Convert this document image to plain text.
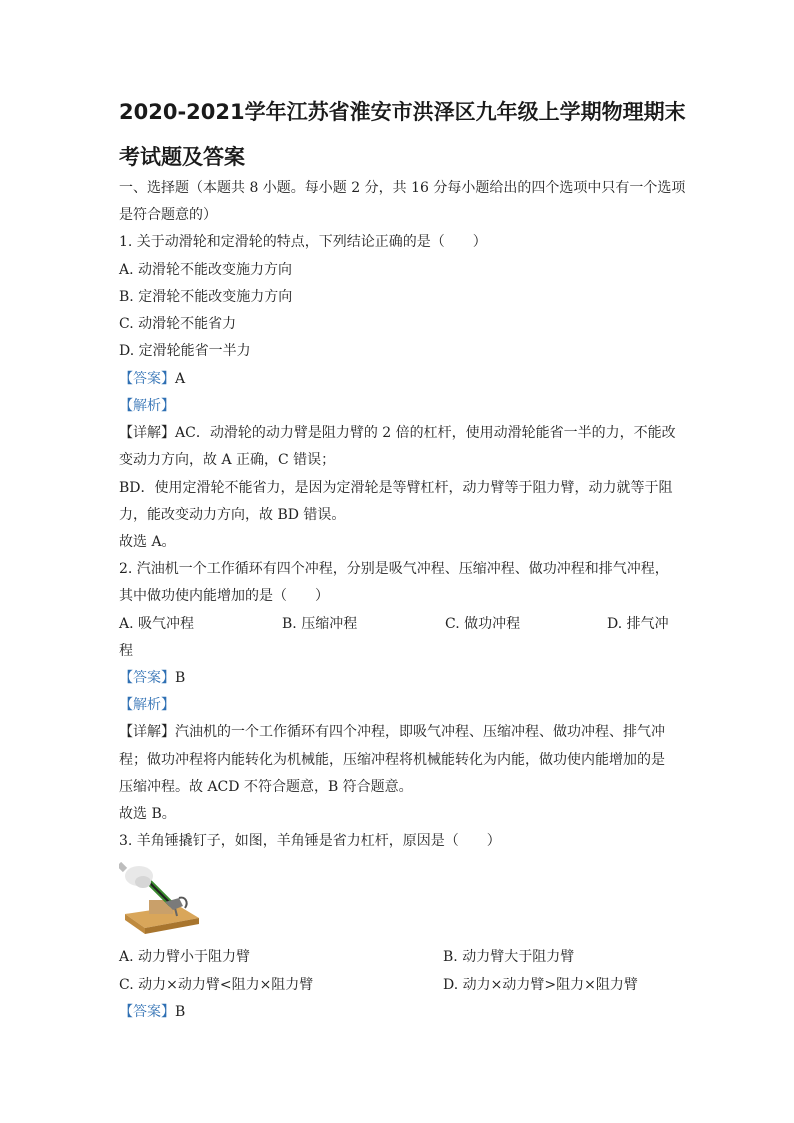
2020-2021学年江苏省淮安市洪泽区九年级上学期物理期末
考试题及答案
一、选择题（本题共 8 小题。每小题 2 分，共 16 分每小题给出的四个选项中只有一个选项
是符合题意的）
1. 关于动滑轮和定滑轮的特点，下列结论正确的是（　　）
A. 动滑轮不能改变施力方向
B. 定滑轮不能改变施力方向
C. 动滑轮不能省力
D. 定滑轮能省一半力
【答案】A
【解析】
【详解】AC．动滑轮的动力臂是阻力臂的 2 倍的杠杆，使用动滑轮能省一半的力，不能改
变动力方向，故 A 正确，C 错误；
BD．使用定滑轮不能省力，是因为定滑轮是等臂杠杆，动力臂等于阻力臂，动力就等于阻
力，能改变动力方向，故 BD 错误。
故选 A。
2. 汽油机一个工作循环有四个冲程，分别是吸气冲程、压缩冲程、做功冲程和排气冲程，
其中做功使内能增加的是（　　）
A. 吸气冲程	B. 压缩冲程	C. 做功冲程	D. 排气冲
程
【答案】B
【解析】
【详解】汽油机的一个工作循环有四个冲程，即吸气冲程、压缩冲程、做功冲程、排气冲
程；做功冲程将内能转化为机械能，压缩冲程将机械能转化为内能，做功使内能增加的是
压缩冲程。故 ACD 不符合题意，B 符合题意。
故选 B。
3. 羊角锤撬钉子，如图，羊角锤是省力杠杆，原因是（　　）
A. 动力臂小于阻力臂	B. 动力臂大于阻力臂
C. 动力×动力臂<阻力×阻力臂	D. 动力×动力臂>阻力×阻力臂
【答案】B
